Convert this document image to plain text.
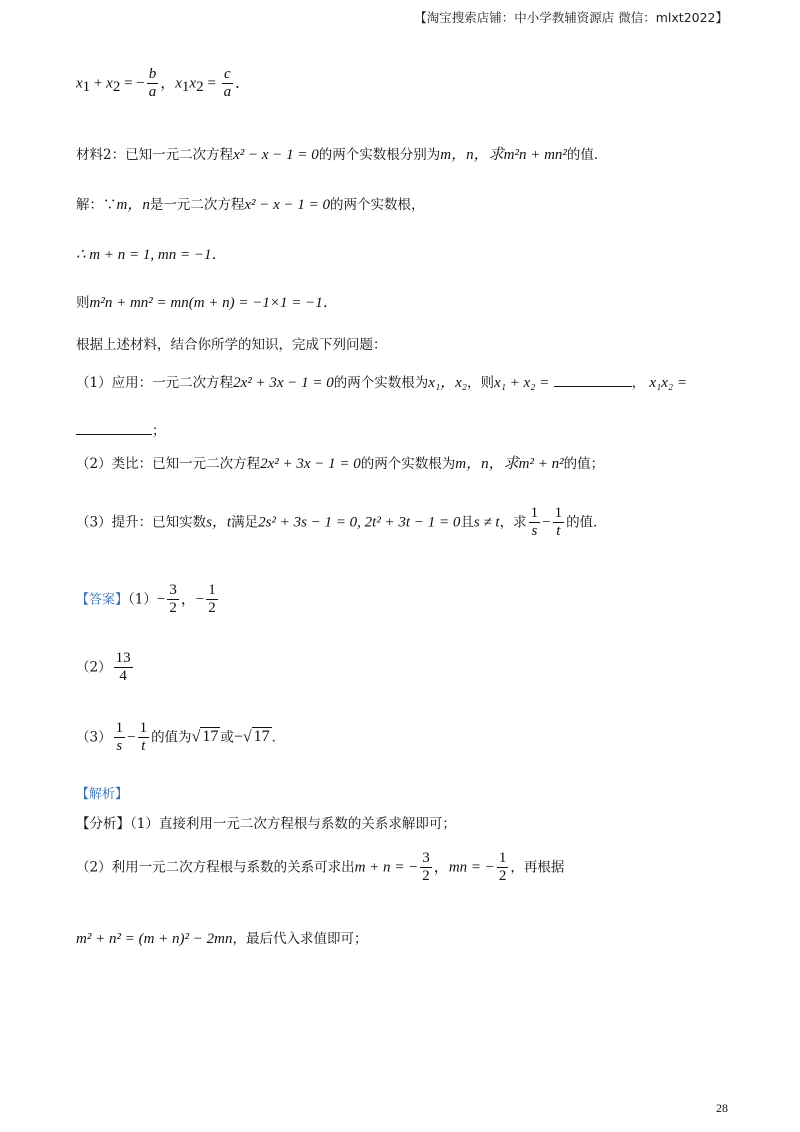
【淘宝搜索店铺：中小学教辅资源店 微信：mlxt2022】
$x_1 + x_2$ = − $\frac{b}{a}$ ，$x_1x_2 = \frac{c}{a}$ ．
材料2：已知一元二次方程x² − x − 1 = 0的两个实数根分别为m，n，求m²n + mn²的值．
解：∵m，n是一元二次方程x² − x − 1 = 0的两个实数根，
∴ m + n = 1, mn = −1．
则m²n + mn² = mn(m + n) = −1×1 = −1．
根据上述材料，结合你所学的知识，完成下列问题：
（1）应用：一元二次方程2x² + 3x − 1 = 0的两个实数根为x₁，x₂，则x₁ + x₂ =	， x₁x₂ =
；
（2）类比：已知一元二次方程2x² + 3x − 1 = 0的两个实数根为m，n，求m² + n²的值；
（3）提升：已知实数s，t满足2s² + 3s − 1 = 0, 2t² + 3t − 1 = 0且s ≠ t，求 $\frac{1}{s} - \frac{1}{t}$ 的值．
【答案】$(1)- \frac{3}{2}$ ，− $\frac{1}{2}$
$(2) \frac{13}{4}$
$(3) \frac{1}{s} - \frac{1}{t}$ 的值为√ 17 或−√ 17 ．
【解析】
【分析】（1）直接利用一元二次方程根与系数的关系求解即可；
（2）利用一元二次方程根与系数的关系可求出m + n = − $\frac{3}{2}$ ，mn = − $\frac{1}{2}$ ，再根据
m² + n² = (m + n)² − 2mn，最后代入求值即可；
28
